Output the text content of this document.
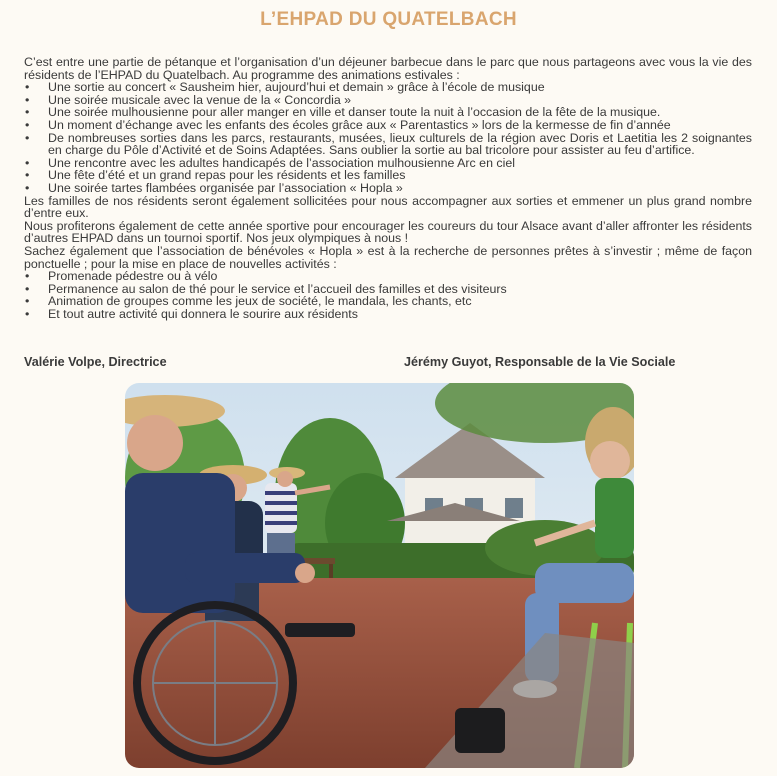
L’EHPAD DU QUATELBACH

C’est entre une partie de pétanque et l’organisation d’un déjeuner barbecue dans le parc que nous partageons avec vous la vie des résidents de l’EHPAD du Quatelbach. Au programme des animations estivales :

• Une sortie au concert « Sausheim hier, aujourd’hui et demain » grâce à l’école de musique
• Une soirée musicale avec la venue de la « Concordia »
• Une soirée mulhousienne pour aller manger en ville et danser toute la nuit à l’occasion de la fête de la musique.
• Un moment d’échange avec les enfants des écoles grâce aux « Parentastics » lors de la kermesse de fin d’année
• De nombreuses sorties dans les parcs, restaurants, musées, lieux culturels de la région avec Doris et Laetitia les 2 soignantes en charge du Pôle d’Activité et de Soins Adaptées. Sans oublier la sortie au bal tricolore pour assister au feu d’artifice.
• Une rencontre avec les adultes handicapés de l’association mulhousienne Arc en ciel
• Une fête d’été et un grand repas pour les résidents et les familles
• Une soirée tartes flambées organisée par l’association « Hopla »

Les familles de nos résidents seront également sollicitées pour nous accompagner aux sorties et emmener un plus grand nombre d’entre eux.

Nous profiterons également de cette année sportive pour encourager les coureurs du tour Alsace avant d’aller affronter les résidents d’autres EHPAD dans un tournoi sportif. Nos jeux olympiques à nous !

Sachez également que l’association de bénévoles « Hopla » est à la recherche de personnes prêtes à s’investir ; même de façon ponctuelle ; pour la mise en place de nouvelles activités :

• Promenade pédestre ou à vélo
• Permanence au salon de thé pour le service et l’accueil des familles et des visiteurs
• Animation de groupes comme les jeux de société, le mandala, les chants, etc
• Et tout autre activité qui donnera le sourire aux résidents
Valérie Volpe, Directrice	Jérémy Guyot, Responsable de la Vie Sociale
